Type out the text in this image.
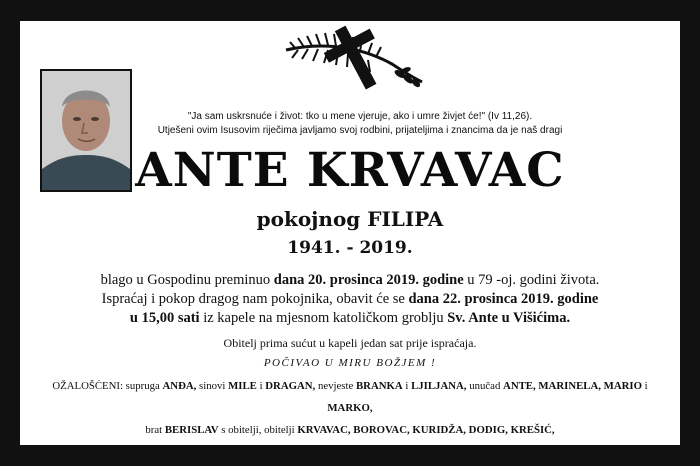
"Ja sam uskrsnuće i život: tko u mene vjeruje, ako i umre živjet će!" (Iv 11,26).
Utješeni ovim Isusovim riječima javljamo svoj rodbini, prijateljima i znancima da je naš dragi
ANTE KRVAVAC
pokojnog FILIPA
1941. - 2019.
blago u Gospodinu preminuo dana 20. prosinca 2019. godine u 79 -oj. godini života.
Ispraćaj i pokop dragog nam pokojnika, obavit će se dana 22. prosinca 2019. godine
u 15,00 sati iz kapele na mjesnom katoličkom groblju Sv. Ante u Višićima.
Obitelj prima sućut u kapeli jedan sat prije ispraćaja.
POČIVAO U MIRU BOŽJEM !
OŽALOŠĆENI: supruga ANĐA, sinovi MILE i DRAGAN, nevjeste BRANKA i LJILJANA, unučad ANTE, MARINELA, MARIO i MARKO,
brat BERISLAV s obitelji, obitelji KRVAVAC, BOROVAC, KURIDŽA, DODIG, KREŠIĆ,
JURKOVIĆ, BRKIĆ, PAVLOVIĆ, PAUREVIĆ te ostala rodbina i prijatelji.
